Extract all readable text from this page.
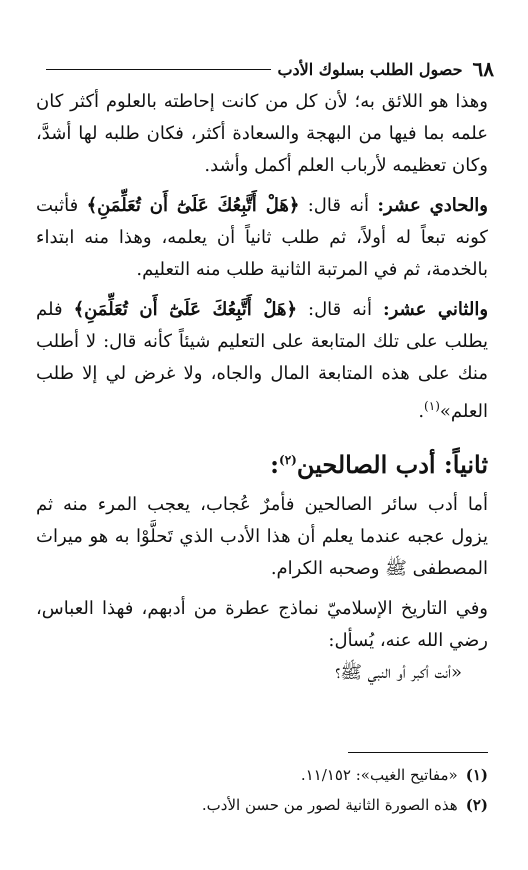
٦٨
حصول الطلب بسلوك الأدب

وهذا هو اللائق به؛ لأن كل من كانت إحاطته بالعلوم أكثر كان علمه بما فيها من البهجة والسعادة أكثر، فكان طلبه لها أشدَّ، وكان تعظيمه لأرباب العلم أكمل وأشد.

والحادي عشر: أنه قال: ﴿هَلْ أَتَّبِعُكَ عَلَىٰٓ أَن تُعَلِّمَنِ﴾ فأثبت كونه تبعاً له أولاً، ثم طلب ثانياً أن يعلمه، وهذا منه ابتداء بالخدمة، ثم في المرتبة الثانية طلب منه التعليم.

والثاني عشر: أنه قال: ﴿هَلْ أَتَّبِعُكَ عَلَىٰٓ أَن تُعَلِّمَنِ﴾ فلم يطلب على تلك المتابعة على التعليم شيئاً كأنه قال: لا أطلب منك على هذه المتابعة المال والجاه، ولا غرض لي إلا طلب العلم»$^{(١)}$.

ثانياً: أدب الصالحين$^{(٢)}$:

أما أدب سائر الصالحين فأمرٌ عُجاب، يعجب المرء منه ثم يزول عجبه عندما يعلم أن هذا الأدب الذي تَحلَّوْا به هو ميراث المصطفى ﷺ وصحبه الكرام.

وفي التاريخ الإسلاميّ نماذج عطرة من أدبهم، فهذا العباس، رضي الله عنه، يُسأل:

«أنت أكبر أو النبي ﷺ؟

(١)«مفاتيح الغيب»: ١١/١٥٢.

(٢)هذه الصورة الثانية لصور من حسن الأدب.
